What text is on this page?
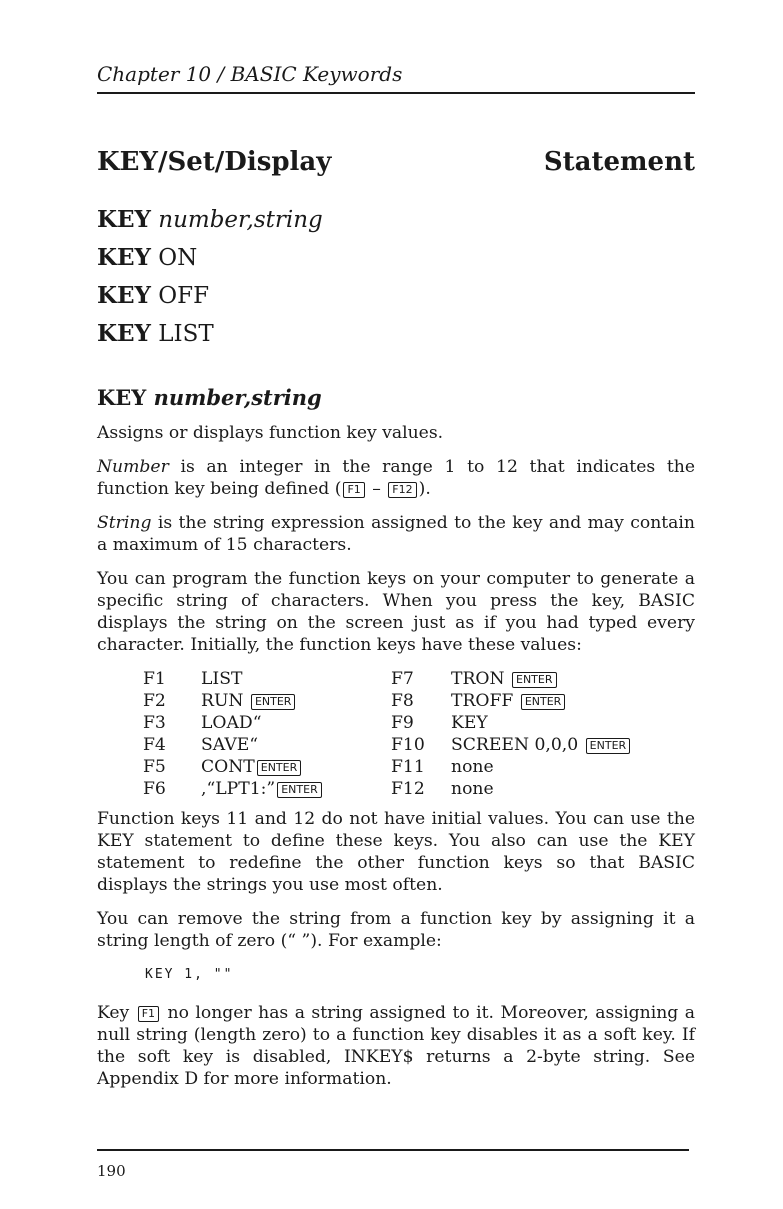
Chapter 10 / BASIC Keywords
KEY/Set/Display	Statement
KEY number,string
KEY ON
KEY OFF
KEY LIST
KEY number,string

Assigns or displays function key values.

Number is an integer in the range 1 to 12 that indicates the function key being defined ( F1 – F12 ).

String is the string expression assigned to the key and may contain a maximum of 15 characters.

You can program the function keys on your computer to generate a specific string of characters. When you press the key, BASIC displays the string on the screen just as if you had typed every character. Initially, the function keys have these values:

F1	LIST	F7	TRON ENTER
F2	RUN ENTER	F8	TROFF ENTER
F3	LOAD“	F9	KEY
F4	SAVE“	F10	SCREEN 0,0,0 ENTER
F5	CONT ENTER	F11	none
F6	,“LPT1:” ENTER	F12	none

Function keys 11 and 12 do not have initial values. You can use the KEY statement to define these keys. You also can use the KEY statement to redefine the other function keys so that BASIC displays the strings you use most often.

You can remove the string from a function key by assigning it a string length of zero (“ ”). For example:

KEY 1, ""

Key F1 no longer has a string assigned to it. Moreover, assigning a null string (length zero) to a function key disables it as a soft key. If the soft key is disabled, INKEY$ returns a 2-byte string. See Appendix D for more information.

190
